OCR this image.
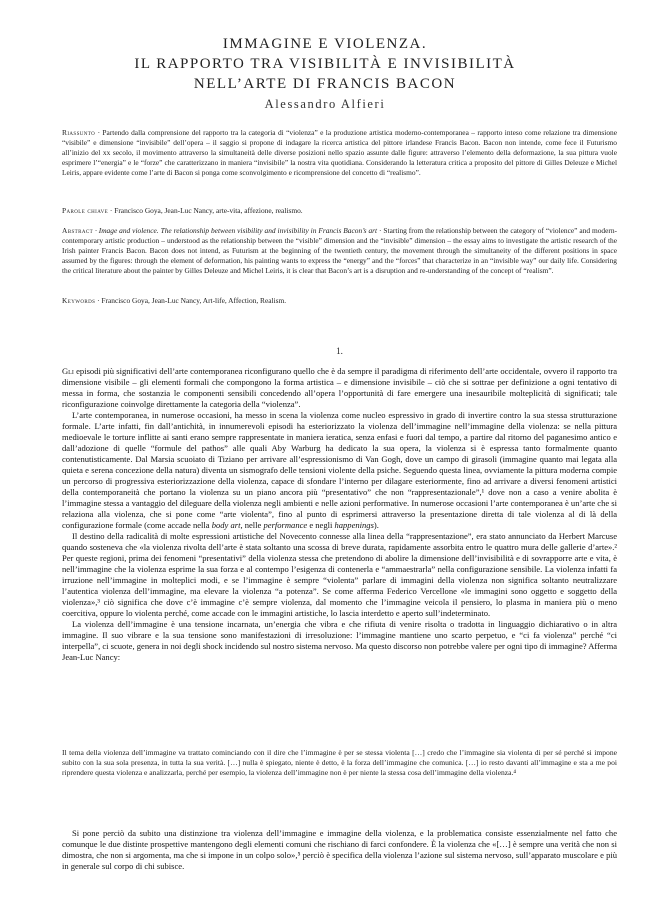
IMMAGINE E VIOLENZA.
IL RAPPORTO TRA VISIBILITÀ E INVISIBILITÀ
NELL’ARTE DI FRANCIS BACON
Alessandro Alfieri
Riassunto · Partendo dalla comprensione del rapporto tra la categoria di “violenza” e la produzione artistica moderno-contemporanea – rapporto inteso come relazione tra dimensione “visibile” e dimensione “invisibile” dell’opera – il saggio si propone di indagare la ricerca artistica del pittore irlandese Francis Bacon. Bacon non intende, come fece il Futurismo all’inizio del xx secolo, il movimento attraverso la simultaneità delle diverse posizioni nello spazio assunte dalle figure: attraverso l’elemento della deformazione, la sua pittura vuole esprimere l’“energia” e le “forze” che caratterizzano in maniera “invisibile” la nostra vita quotidiana. Considerando la letteratura critica a proposito del pittore di Gilles Deleuze e Michel Leiris, appare evidente come l’arte di Bacon si ponga come sconvolgimento e ricomprensione del concetto di “realismo”.
Parole chiave · Francisco Goya, Jean-Luc Nancy, arte-vita, affezione, realismo.
Abstract · Image and violence. The relationship between visibility and invisibility in Francis Bacon’s art · Starting from the relationship between the category of “violence” and modern-contemporary artistic production – understood as the relationship between the “visible” dimension and the “invisible” dimension – the essay aims to investigate the artistic research of the Irish painter Francis Bacon. Bacon does not intend, as Futurism at the beginning of the twentieth century, the movement through the simultaneity of the different positions in space assumed by the figures: through the element of deformation, his painting wants to express the “energy” and the “forces” that characterize in an “invisible way” our daily life. Considering the critical literature about the painter by Gilles Deleuze and Michel Leiris, it is clear that Bacon’s art is a disruption and re-understanding of the concept of “realism”.
Keywords · Francisco Goya, Jean-Luc Nancy, Art-life, Affection, Realism.
1.

Gli episodi più significativi dell’arte contemporanea riconfigurano quello che è da sempre il paradigma di riferimento dell’arte occidentale, ovvero il rapporto tra dimensione visibile – gli elementi formali che compongono la forma artistica – e dimensione invisibile – ciò che si sottrae per definizione a ogni tentativo di messa in forma, che sostanzia le componenti sensibili concedendo all’opera l’opportunità di fare emergere una inesauribile molteplicità di significati; tale riconfigurazione coinvolge direttamente la categoria della “violenza”.

L’arte contemporanea, in numerose occasioni, ha messo in scena la violenza come nucleo espressivo in grado di invertire contro la sua stessa strutturazione formale. L’arte infatti, fin dall’antichità, in innumerevoli episodi ha esteriorizzato la violenza dell’immagine nell’immagine della violenza: se nella pittura medioevale le torture inflitte ai santi erano sempre rappresentate in maniera ieratica, senza enfasi e fuori dal tempo, a partire dal ritorno del paganesimo antico e dall’adozione di quelle “formule del pathos” alle quali Aby Warburg ha dedicato la sua opera, la violenza si è espressa tanto formalmente quanto contenutisticamente. Dal Marsia scuoiato di Tiziano per arrivare all’espressionismo di Van Gogh, dove un campo di girasoli (immagine quanto mai legata alla quieta e serena concezione della natura) diventa un sismografo delle tensioni violente della psiche. Seguendo questa linea, ovviamente la pittura moderna compie un percorso di progressiva esteriorizzazione della violenza, capace di sfondare l’interno per dilagare esteriormente, fino ad arrivare a diversi fenomeni artistici della contemporaneità che portano la violenza su un piano ancora più “presentativo” che non “rappresentazionale”,¹ dove non a caso a venire abolita è l’immagine stessa a vantaggio del dileguare della violenza negli ambienti e nelle azioni performative. In numerose occasioni l’arte contemporanea è un’arte che si relaziona alla violenza, che si pone come “arte violenta”, fino al punto di esprimersi attraverso la presentazione diretta di tale violenza al di là della configurazione formale (come accade nella body art, nelle performance e negli happenings).

Il destino della radicalità di molte espressioni artistiche del Novecento connesse alla linea della “rappresentazione”, era stato annunciato da Herbert Marcuse quando sosteneva che «la violenza rivolta dell’arte è stata soltanto una scossa di breve durata, rapidamente assorbita entro le quattro mura delle gallerie d’arte».² Per queste regioni, prima dei fenomeni “presentativi” della violenza stessa che pretendono di abolire la dimensione dell’invisibilità e di sovrapporre arte e vita, è nell’immagine che la violenza esprime la sua forza e al contempo l’esigenza di contenerla e “ammaestrarla” nella configurazione sensibile. La violenza infatti fa irruzione nell’immagine in molteplici modi, e se l’immagine è sempre “violenta” parlare di immagini della violenza non significa soltanto neutralizzare l’autentica violenza dell’immagine, ma elevare la violenza “a potenza”. Se come afferma Federico Vercellone «le immagini sono oggetto e soggetto della violenza»,³ ciò significa che dove c’è immagine c’è sempre violenza, dal momento che l’immagine veicola il pensiero, lo plasma in maniera più o meno coercitiva, oppure lo violenta perché, come accade con le immagini artistiche, lo lascia interdetto e aperto sull’indeterminato.

La violenza dell’immagine è una tensione incarnata, un’energia che vibra e che rifiuta di venire risolta o tradotta in linguaggio dichiarativo o in altra immagine. Il suo vibrare e la sua tensione sono manifestazioni di irresoluzione: l’immagine mantiene uno scarto perpetuo, e “ci fa violenza” perché “ci interpella”, ci scuote, genera in noi degli shock incidendo sul nostro sistema nervoso. Ma questo discorso non potrebbe valere per ogni tipo di immagine? Afferma Jean-Luc Nancy:

Il tema della violenza dell’immagine va trattato cominciando con il dire che l’immagine è per se stessa violenta […] credo che l’immagine sia violenta di per sé perché si impone subito con la sua sola presenza, in tutta la sua verità. […] nulla è spiegato, niente è detto, è la forza dell’immagine che comunica. […] io resto davanti all’immagine e sta a me poi riprendere questa violenza e analizzarla, perché per esempio, la violenza dell’immagine non è per niente la stessa cosa dell’immagine della violenza.⁴

Si pone perciò da subito una distinzione tra violenza dell’immagine e immagine della violenza, e la problematica consiste essenzialmente nel fatto che comunque le due distinte prospettive mantengono degli elementi comuni che rischiano di farci confondere. È la violenza che «[…] è sempre una verità che non si dimostra, che non si argomenta, ma che si impone in un colpo solo»,⁵ perciò è specifica della violenza l’azione sul sistema nervoso, sull’apparato muscolare e più in generale sul corpo di chi subisce.
